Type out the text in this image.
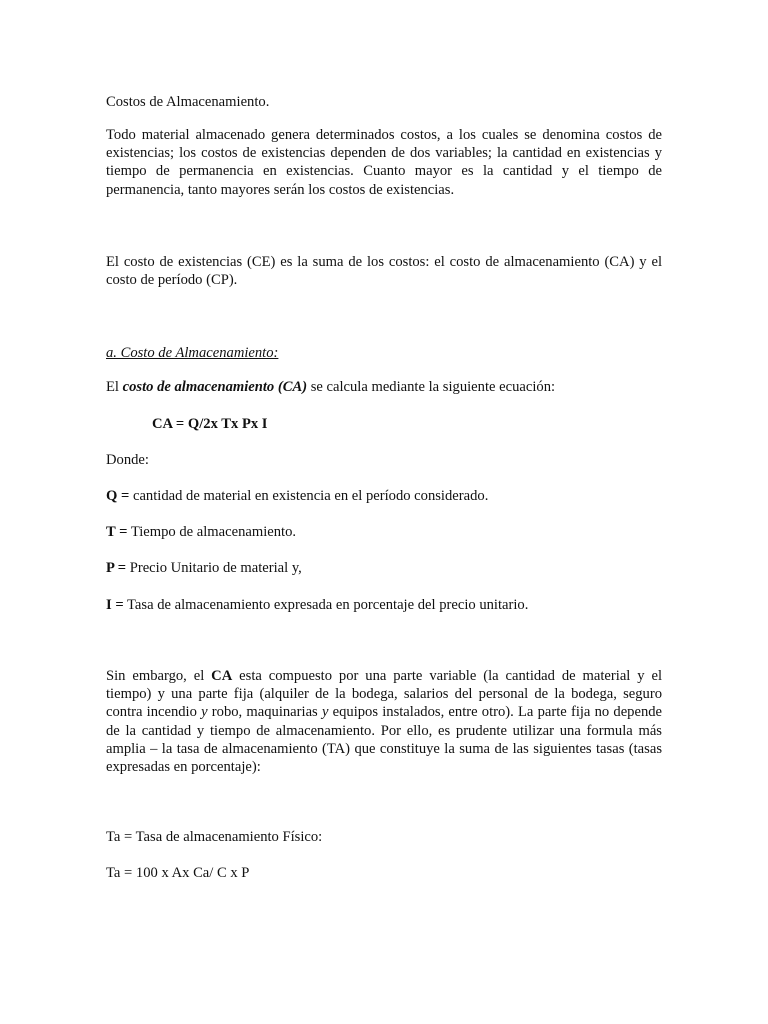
Costos de Almacenamiento.
Todo material almacenado genera determinados costos, a los cuales se denomina costos de existencias; los costos de existencias dependen de dos variables; la cantidad en existencias y tiempo de permanencia en existencias. Cuanto mayor es la cantidad y el tiempo de permanencia, tanto mayores serán los costos de existencias.
El costo de existencias (CE) es la suma de los costos: el costo de almacenamiento (CA) y el costo de período (CP).
a. Costo de Almacenamiento:
El costo de almacenamiento (CA) se calcula mediante la siguiente ecuación:
CA = Q/2x Tx Px I
Donde:
Q = cantidad de material en existencia en el período considerado.
T = Tiempo de almacenamiento.
P = Precio Unitario de material y,
I = Tasa de almacenamiento expresada en porcentaje del precio unitario.
Sin embargo, el CA esta compuesto por una parte variable (la cantidad de material y el tiempo) y una parte fija (alquiler de la bodega, salarios del personal de la bodega, seguro contra incendio y robo, maquinarias y equipos instalados, entre otro). La parte fija no depende de la cantidad y tiempo de almacenamiento. Por ello, es prudente utilizar una formula más amplia – la tasa de almacenamiento (TA) que constituye la suma de las siguientes tasas (tasas expresadas en porcentaje):
Ta = Tasa de almacenamiento Físico:
Ta = 100 x Ax Ca/ C x P
